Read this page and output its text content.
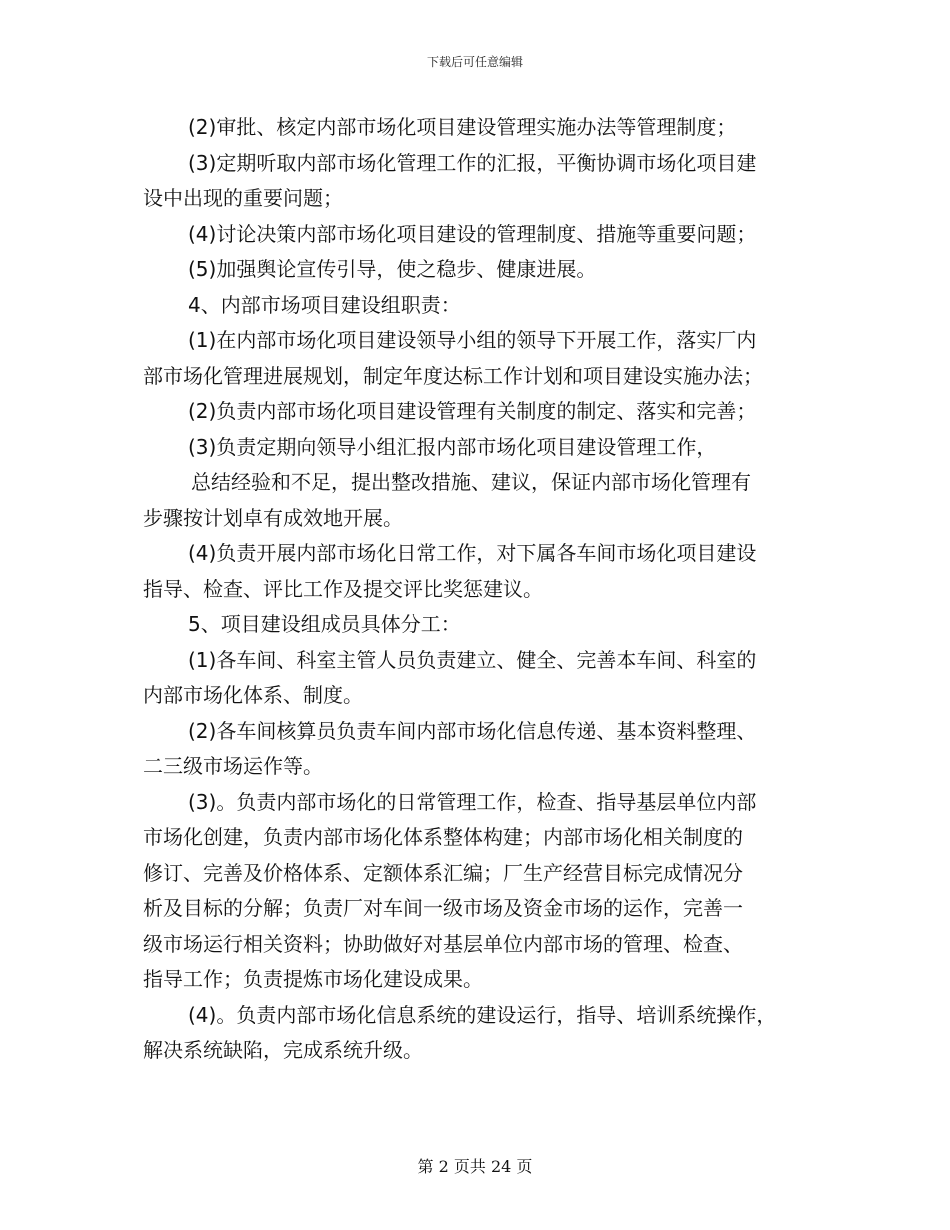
下载后可任意编辑
(2)审批、核定内部市场化项目建设管理实施办法等管理制度；
(3)定期听取内部市场化管理工作的汇报，平衡协调市场化项目建
设中出现的重要问题；
(4)讨论决策内部市场化项目建设的管理制度、措施等重要问题；
(5)加强舆论宣传引导，使之稳步、健康进展。
4、内部市场项目建设组职责：
(1)在内部市场化项目建设领导小组的领导下开展工作，落实厂内
部市场化管理进展规划，制定年度达标工作计划和项目建设实施办法；
(2)负责内部市场化项目建设管理有关制度的制定、落实和完善；
(3)负责定期向领导小组汇报内部市场化项目建设管理工作，
总结经验和不足，提出整改措施、建议，保证内部市场化管理有
步骤按计划卓有成效地开展。
(4)负责开展内部市场化日常工作，对下属各车间市场化项目建设
指导、检查、评比工作及提交评比奖惩建议。
5、项目建设组成员具体分工：
(1)各车间、科室主管人员负责建立、健全、完善本车间、科室的
内部市场化体系、制度。
(2)各车间核算员负责车间内部市场化信息传递、基本资料整理、
二三级市场运作等。
(3)。负责内部市场化的日常管理工作，检查、指导基层单位内部
市场化创建，负责内部市场化体系整体构建；内部市场化相关制度的
修订、完善及价格体系、定额体系汇编；厂生产经营目标完成情况分
析及目标的分解；负责厂对车间一级市场及资金市场的运作，完善一
级市场运行相关资料；协助做好对基层单位内部市场的管理、检查、
指导工作；负责提炼市场化建设成果。
(4)。负责内部市场化信息系统的建设运行，指导、培训系统操作，
解决系统缺陷，完成系统升级。
第 2 页共 24 页
